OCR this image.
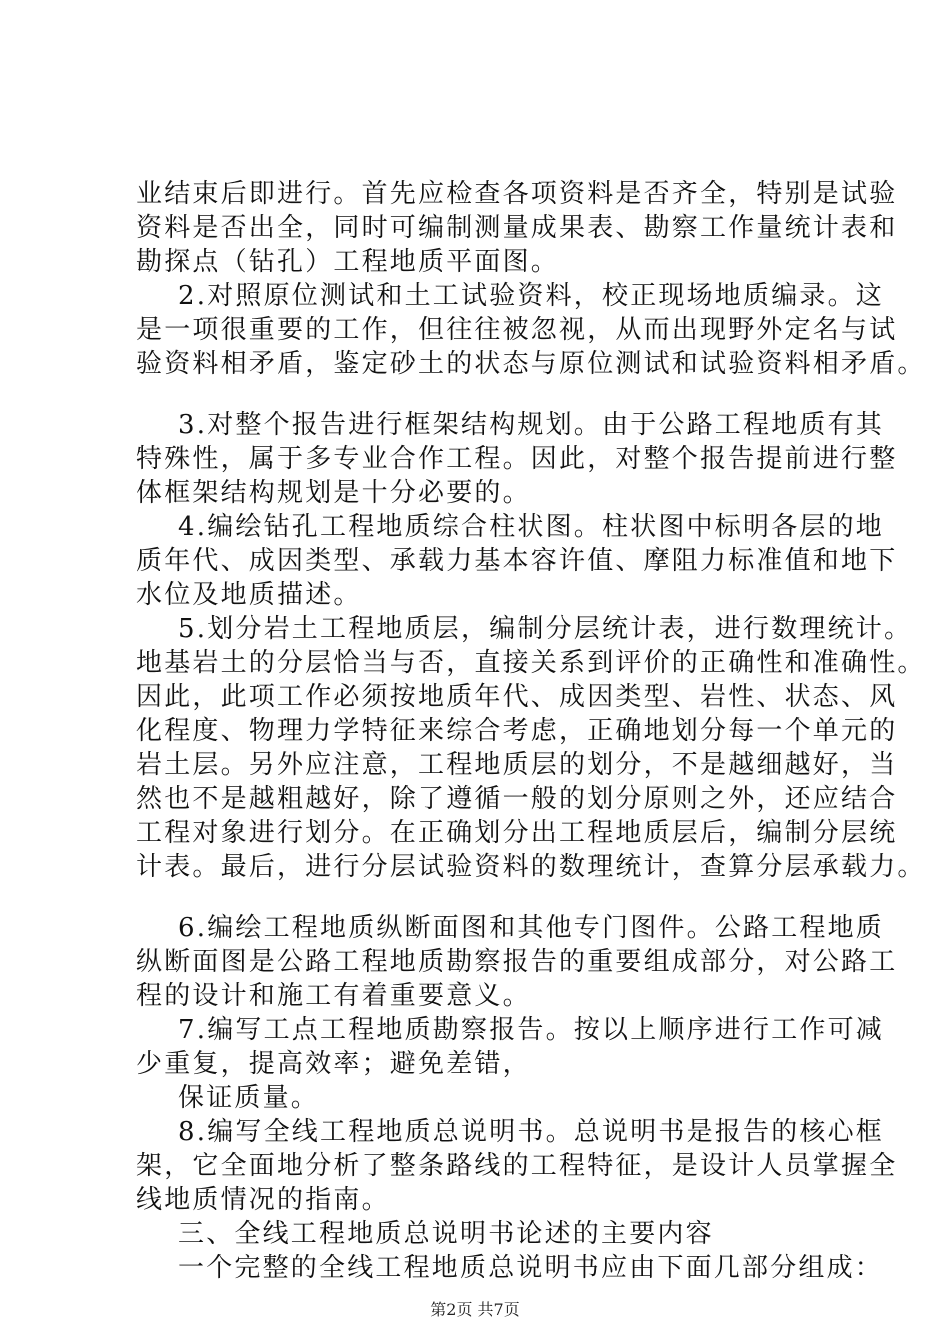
业结束后即进行。首先应检查各项资料是否齐全，特别是试验
资料是否出全，同时可编制测量成果表、勘察工作量统计表和
勘探点（钻孔）工程地质平面图。
2.对照原位测试和土工试验资料，校正现场地质编录。这
是一项很重要的工作，但往往被忽视，从而出现野外定名与试
验资料相矛盾，鉴定砂土的状态与原位测试和试验资料相矛盾。
3.对整个报告进行框架结构规划。由于公路工程地质有其
特殊性，属于多专业合作工程。因此，对整个报告提前进行整
体框架结构规划是十分必要的。
4.编绘钻孔工程地质综合柱状图。柱状图中标明各层的地
质年代、成因类型、承载力基本容许值、摩阻力标准值和地下
水位及地质描述。
5.划分岩土工程地质层，编制分层统计表，进行数理统计。
地基岩土的分层恰当与否，直接关系到评价的正确性和准确性。
因此，此项工作必须按地质年代、成因类型、岩性、状态、风
化程度、物理力学特征来综合考虑，正确地划分每一个单元的
岩土层。另外应注意，工程地质层的划分，不是越细越好，当
然也不是越粗越好，除了遵循一般的划分原则之外，还应结合
工程对象进行划分。在正确划分出工程地质层后，编制分层统
计表。最后，进行分层试验资料的数理统计，查算分层承载力。
6.编绘工程地质纵断面图和其他专门图件。公路工程地质
纵断面图是公路工程地质勘察报告的重要组成部分，对公路工
程的设计和施工有着重要意义。
7.编写工点工程地质勘察报告。按以上顺序进行工作可减
少重复，提高效率；避免差错，
保证质量。
8.编写全线工程地质总说明书。总说明书是报告的核心框
架，它全面地分析了整条路线的工程特征，是设计人员掌握全
线地质情况的指南。
三、全线工程地质总说明书论述的主要内容
一个完整的全线工程地质总说明书应由下面几部分组成：
第2页 共7页
